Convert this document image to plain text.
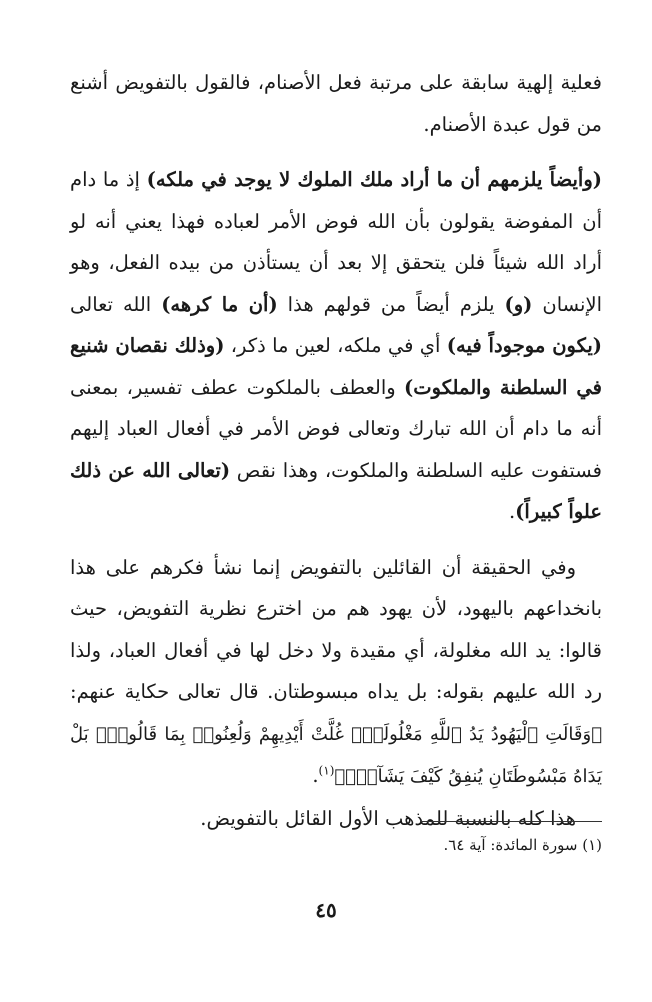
فعلية إلهية سابقة على مرتبة فعل الأصنام، فالقول بالتفويض أشنع من قول عبدة الأصنام.

(وأيضاً يلزمهم أن ما أراد ملك الملوك لا يوجد في ملكه) إذ ما دام أن المفوضة يقولون بأن الله فوض الأمر لعباده فهذا يعني أنه لو أراد الله شيئاً فلن يتحقق إلا بعد أن يستأذن من بيده الفعل، وهو الإنسان (و) يلزم أيضاً من قولهم هذا (أن ما كرهه) الله تعالى (يكون موجوداً فيه) أي في ملكه، لعين ما ذكر، (وذلك نقصان شنيع في السلطنة والملكوت) والعطف بالملكوت عطف تفسير، بمعنى أنه ما دام أن الله تبارك وتعالى فوض الأمر في أفعال العباد إليهم فستفوت عليه السلطنة والملكوت، وهذا نقص (تعالى الله عن ذلك علواً كبيراً).

وفي الحقيقة أن القائلين بالتفويض إنما نشأ فكرهم على هذا بانخداعهم باليهود، لأن يهود هم من اخترع نظرية التفويض، حيث قالوا: يد الله مغلولة، أي مقيدة ولا دخل لها في أفعال العباد، ولذا رد الله عليهم بقوله: بل يداه مبسوطتان. قال تعالى حكاية عنهم: ﴿وَقَالَتِ ٱلْيَهُودُ يَدُ ٱللَّهِ مَغْلُولَةٌۚ غُلَّتْ أَيْدِيهِمْ وَلُعِنُوا۟ بِمَا قَالُوا۟ۘ بَلْ يَدَاهُ مَبْسُوطَتَانِ يُنفِقُ كَيْفَ يَشَآءُۚ﴾$^{(١)}$.

هذا كله بالنسبة للمذهب الأول القائل بالتفويض.

(١) سورة المائدة: آية ٦٤.
٤٥
